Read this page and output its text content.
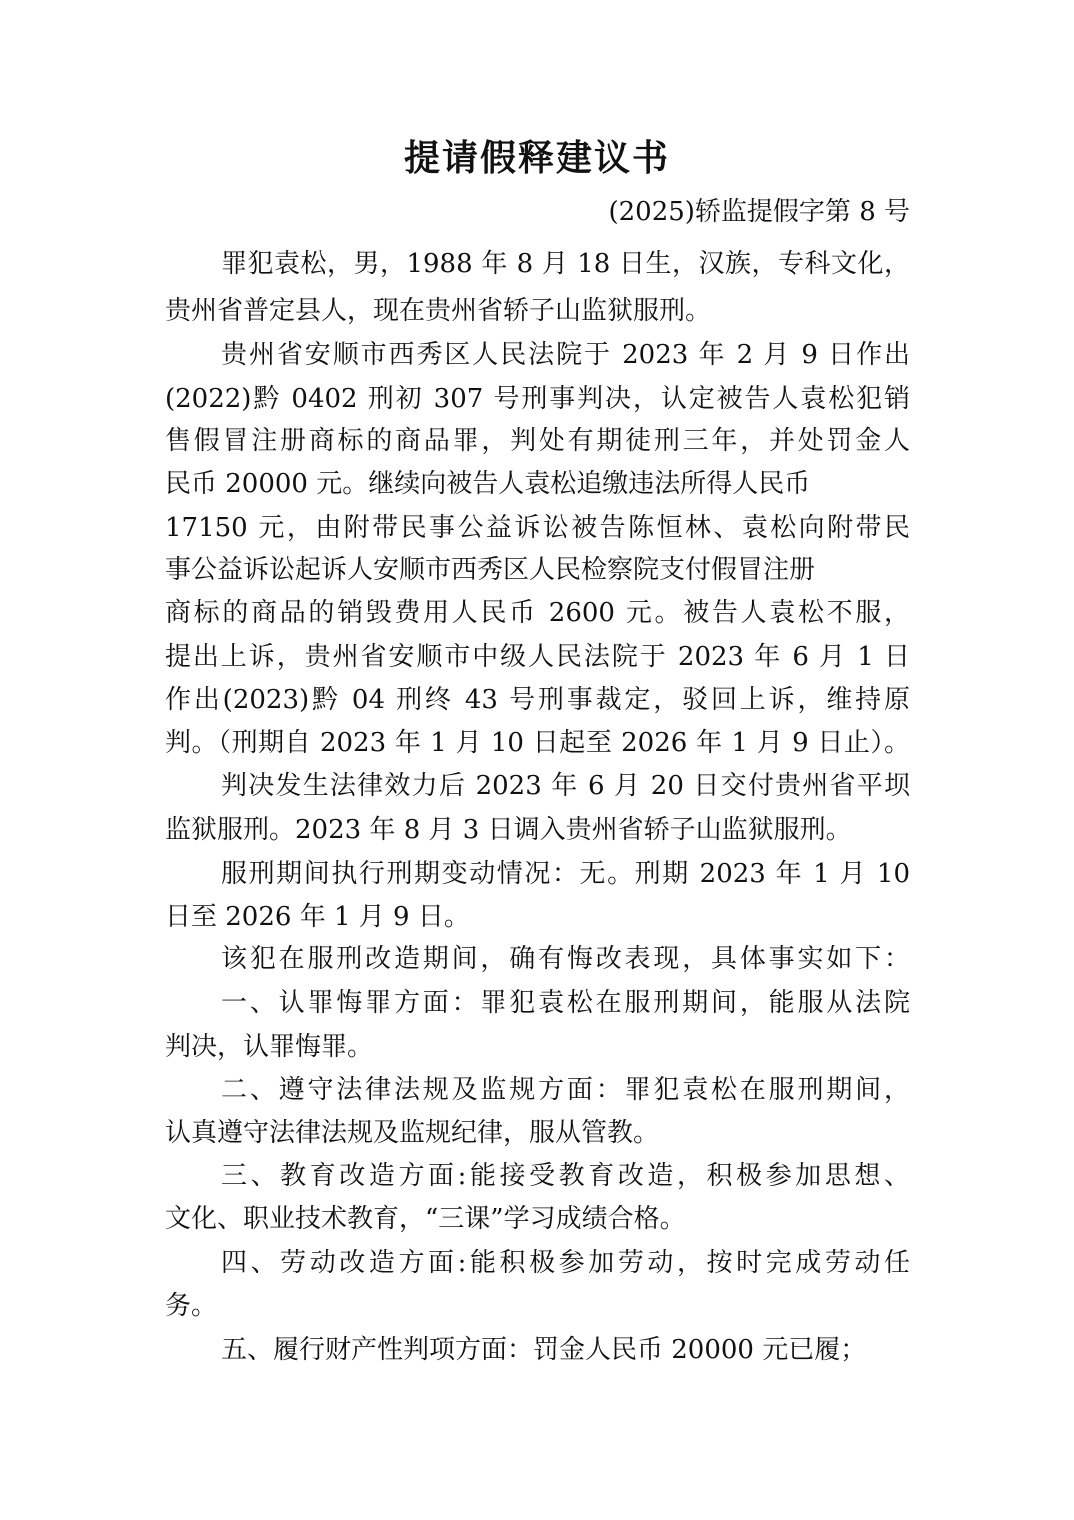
提请假释建议书
(2025)轿监提假字第 8 号
罪犯袁松，男，1988 年 8 月 18 日生，汉族，专科文化，
贵州省普定县人，现在贵州省轿子山监狱服刑。
贵州省安顺市西秀区人民法院于 2023 年 2 月 9 日作出
(2022)黔 0402 刑初 307 号刑事判决，认定被告人袁松犯销
售假冒注册商标的商品罪，判处有期徒刑三年，并处罚金人
民币 20000 元。继续向被告人袁松追缴违法所得人民币
17150 元，由附带民事公益诉讼被告陈恒林、袁松向附带民
事公益诉讼起诉人安顺市西秀区人民检察院支付假冒注册
商标的商品的销毁费用人民币 2600 元。被告人袁松不服，
提出上诉，贵州省安顺市中级人民法院于 2023 年 6 月 1 日
作出(2023)黔 04 刑终 43 号刑事裁定，驳回上诉，维持原
判。（刑期自 2023 年 1 月 10 日起至 2026 年 1 月 9 日止）。
判决发生法律效力后 2023 年 6 月 20 日交付贵州省平坝
监狱服刑。2023 年 8 月 3 日调入贵州省轿子山监狱服刑。
服刑期间执行刑期变动情况：无。刑期 2023 年 1 月 10
日至 2026 年 1 月 9 日。
该犯在服刑改造期间，确有悔改表现，具体事实如下：
一、认罪悔罪方面：罪犯袁松在服刑期间，能服从法院
判决，认罪悔罪。
二、遵守法律法规及监规方面：罪犯袁松在服刑期间，
认真遵守法律法规及监规纪律，服从管教。
三、教育改造方面:能接受教育改造，积极参加思想、
文化、职业技术教育，“三课”学习成绩合格。
四、劳动改造方面:能积极参加劳动，按时完成劳动任
务。
五、履行财产性判项方面：罚金人民币 20000 元已履；
